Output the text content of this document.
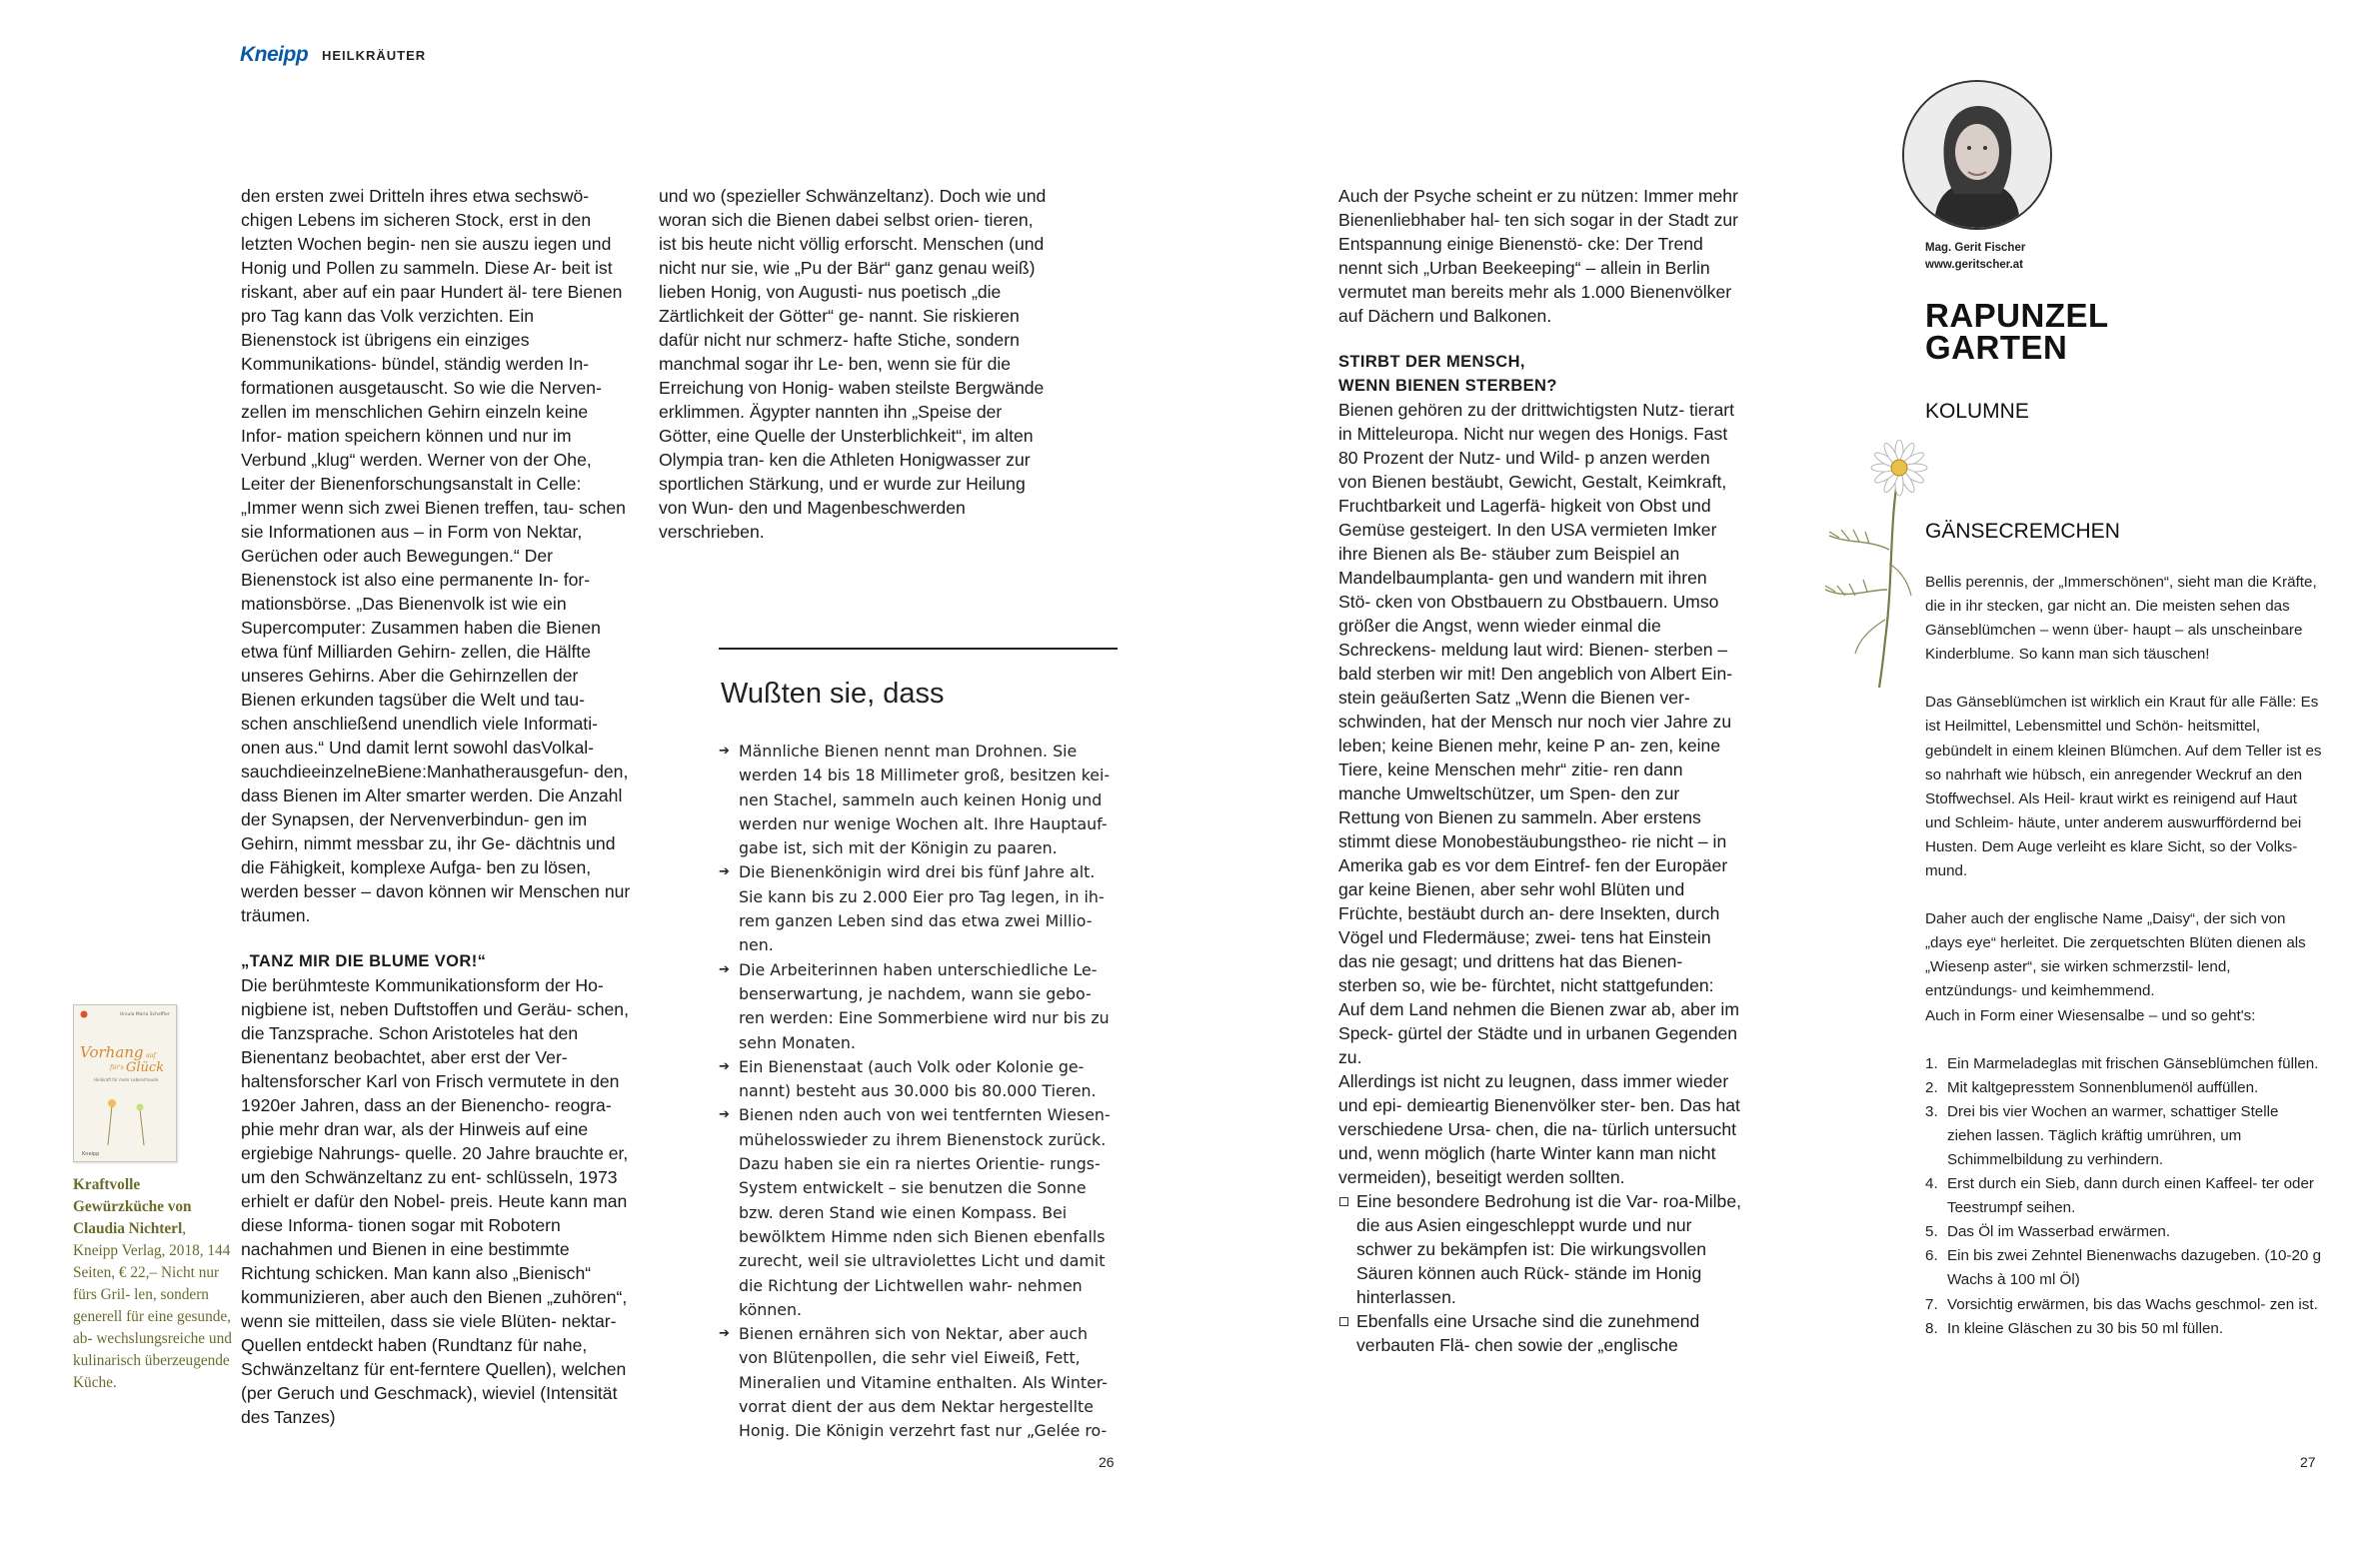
Kneipp HEILKRÄUTER

den ersten zwei Dritteln ihres etwa sechswö- chigen Lebens im sicheren Stock, erst in den letzten Wochen begin- nen sie auszu iegen und Honig und Pollen zu sammeln. Diese Ar- beit ist riskant, aber auf ein paar Hundert äl- tere Bienen pro Tag kann das Volk verzichten. Ein Bienenstock ist übrigens ein einziges Kommunikations- bündel, ständig werden In- formationen ausgetauscht. So wie die Nerven- zellen im menschlichen Gehirn einzeln keine Infor- mation speichern können und nur im Verbund „klug“ werden. Werner von der Ohe, Leiter der Bienenforschungsanstalt in Celle: „Immer wenn sich zwei Bienen treffen, tau- schen sie Informationen aus – in Form von Nektar, Gerüchen oder auch Bewegungen.“ Der Bienenstock ist also eine permanente In- for- mationsbörse. „Das Bienenvolk ist wie ein Supercomputer: Zusammen haben die Bienen etwa fünf Milliarden Gehirn- zellen, die Hälfte unseres Gehirns. Aber die Gehirnzellen der Bienen erkunden tagsüber die Welt und tau- schen anschließend unendlich viele Informati- onen aus.“ Und damit lernt sowohl dasVolkal- sauchdieeinzelneBiene:Manhatherausgefun- den, dass Bienen im Alter smarter werden. Die Anzahl der Synapsen, der Nervenverbindun- gen im Gehirn, nimmt messbar zu, ihr Ge- dächtnis und die Fähigkeit, komplexe Aufga- ben zu lösen, werden besser – davon können wir Menschen nur träumen.

„TANZ MIR DIE BLUME VOR!“

Die berühmteste Kommunikationsform der Ho- nigbiene ist, neben Duftstoffen und Geräu- schen, die Tanzsprache. Schon Aristoteles hat den Bienentanz beobachtet, aber erst der Ver- haltensforscher Karl von Frisch vermutete in den 1920er Jahren, dass an der Bienencho- reogra- phie mehr dran war, als der Hinweis auf eine ergiebige Nahrungs- quelle. 20 Jahre brauchte er, um den Schwänzeltanz zu ent- schlüsseln, 1973 erhielt er dafür den Nobel- preis. Heute kann man diese Informa- tionen sogar mit Robotern nachahmen und Bienen in eine bestimmte Richtung schicken. Man kann also „Bienisch“ kommunizieren, aber auch den Bienen „zuhören“, wenn sie mitteilen, dass sie viele Blüten- nektar-Quellen entdeckt haben (Rundtanz für nahe, Schwänzeltanz für ent-ferntere Quellen), welchen (per Geruch und Geschmack), wieviel (Intensität des Tanzes)

und wo (spezieller Schwänzeltanz). Doch wie und woran sich die Bienen dabei selbst orien- tieren, ist bis heute nicht völlig erforscht. Menschen (und nicht nur sie, wie „Pu der Bär“ ganz genau weiß) lieben Honig, von Augusti- nus poetisch „die Zärtlichkeit der Götter“ ge- nannt. Sie riskieren dafür nicht nur schmerz- hafte Stiche, sondern manchmal sogar ihr Le- ben, wenn sie für die Erreichung von Honig- waben steilste Bergwände erklimmen. Ägypter nannten ihn „Speise der Götter, eine Quelle der Unsterblichkeit“, im alten Olympia tran- ken die Athleten Honigwasser zur sportlichen Stärkung, und er wurde zur Heilung von Wun- den und Magenbeschwerden verschrieben.

Wußten sie, dass
➔ Männliche Bienen nennt man Drohnen. Sie werden 14 bis 18 Millimeter groß, besitzen kei- nen Stachel, sammeln auch keinen Honig und werden nur wenige Wochen alt. Ihre Hauptauf- gabe ist, sich mit der Königin zu paaren.
➔ Die Bienenkönigin wird drei bis fünf Jahre alt. Sie kann bis zu 2.000 Eier pro Tag legen, in ih- rem ganzen Leben sind das etwa zwei Millio- nen.
➔ Die Arbeiterinnen haben unterschiedliche Le- benserwartung, je nachdem, wann sie gebo- ren werden: Eine Sommerbiene wird nur bis zu sehn Monaten.
➔ Ein Bienenstaat (auch Volk oder Kolonie ge- nannt) besteht aus 30.000 bis 80.000 Tieren.
➔ Bienen nden auch von wei tentfernten Wiesen- mühelosswieder zu ihrem Bienenstock zurück. Dazu haben sie ein ra niertes Orientie- rungs-System entwickelt – sie benutzen die Sonne bzw. deren Stand wie einen Kompass. Bei bewölktem Himme nden sich Bienen ebenfalls zurecht, weil sie ultraviolettes Licht und damit die Richtung der Lichtwellen wahr- nehmen können.
➔ Bienen ernähren sich von Nektar, aber auch von Blütenpollen, die sehr viel Eiweiß, Fett, Mineralien und Vitamine enthalten. Als Winter- vorrat dient der aus dem Nektar hergestellte Honig. Die Königin verzehrt fast nur „Gelée ro-
Ursula Maria Scheffler
Vorhang auf
für's Glück
Heilkraft für mehr Lebensfreude
Kneipp
Kraftvolle Gewürzküche von Claudia Nichterl, Kneipp Verlag, 2018, 144 Seiten, € 22,– Nicht nur fürs Gril- len, sondern generell für eine gesunde, ab- wechslungsreiche und kulinarisch überzeugende Küche.

Auch der Psyche scheint er zu nützen: Immer mehr Bienenliebhaber hal- ten sich sogar in der Stadt zur Entspannung einige Bienenstö- cke: Der Trend nennt sich „Urban Beekeeping“ – allein in Berlin vermutet man bereits mehr als 1.000 Bienenvölker auf Dächern und Balkonen.

STIRBT DER MENSCH,
WENN BIENEN STERBEN?

Bienen gehören zu der drittwichtigsten Nutz- tierart in Mitteleuropa. Nicht nur wegen des Honigs. Fast 80 Prozent der Nutz- und Wild- p anzen werden von Bienen bestäubt, Gewicht, Gestalt, Keimkraft, Fruchtbarkeit und Lagerfä- higkeit von Obst und Gemüse gesteigert. In den USA vermieten Imker ihre Bienen als Be- stäuber zum Beispiel an Mandelbaumplanta- gen und wandern mit ihren Stö- cken von Obstbauern zu Obstbauern. Umso größer die Angst, wenn wieder einmal die Schreckens- meldung laut wird: Bienen- sterben – bald sterben wir mit! Den angeblich von Albert Ein- stein geäußerten Satz „Wenn die Bienen ver- schwinden, hat der Mensch nur noch vier Jahre zu leben; keine Bienen mehr, keine P an- zen, keine Tiere, keine Menschen mehr“ zitie- ren dann manche Umweltschützer, um Spen- den zur Rettung von Bienen zu sammeln. Aber erstens stimmt diese Monobestäubungstheo- rie nicht – in Amerika gab es vor dem Eintref- fen der Europäer gar keine Bienen, aber sehr wohl Blüten und Früchte, bestäubt durch an- dere Insekten, durch Vögel und Fledermäuse; zwei- tens hat Einstein das nie gesagt; und drittens hat das Bienen- sterben so, wie be- fürchtet, nicht stattgefunden: Auf dem Land nehmen die Bienen zwar ab, aber im Speck- gürtel der Städte und in urbanen Gegenden zu.

Allerdings ist nicht zu leugnen, dass immer wieder und epi- demieartig Bienenvölker ster- ben. Das hat verschiedene Ursa- chen, die na- türlich untersucht und, wenn möglich (harte Winter kann man nicht vermeiden), beseitigt werden sollten.

Eine besondere Bedrohung ist die Var- roa-Milbe, die aus Asien eingeschleppt wurde und nur schwer zu bekämpfen ist: Die wirkungsvollen Säuren können auch Rück- stände im Honig hinterlassen.
Ebenfalls eine Ursache sind die zunehmend verbauten Flä- chen sowie der „englische
Mag. Gerit Fischer
www.geritscher.at
RAPUNZEL
GARTEN
KOLUMNE
GÄNSECREMCHEN

Bellis perennis, der „Immerschönen“, sieht man die Kräfte, die in ihr stecken, gar nicht an. Die meisten sehen das Gänseblümchen – wenn über- haupt – als unscheinbare Kinderblume. So kann man sich täuschen!

Das Gänseblümchen ist wirklich ein Kraut für alle Fälle: Es ist Heilmittel, Lebensmittel und Schön- heitsmittel, gebündelt in einem kleinen Blümchen. Auf dem Teller ist es so nahrhaft wie hübsch, ein anregender Weckruf an den Stoffwechsel. Als Heil- kraut wirkt es reinigend auf Haut und Schleim- häute, unter anderem auswurffördernd bei Husten. Dem Auge verleiht es klare Sicht, so der Volks- mund.

Daher auch der englische Name „Daisy“, der sich von „days eye“ herleitet. Die zerquetschten Blüten dienen als „Wiesenp aster“, sie wirken schmerzstil- lend, entzündungs- und keimhemmend.

Auch in Form einer Wiesensalbe – und so geht's:

1. Ein Marmeladeglas mit frischen Gänseblümchen füllen.
2. Mit kaltgepresstem Sonnenblumenöl auffüllen.
3. Drei bis vier Wochen an warmer, schattiger Stelle ziehen lassen. Täglich kräftig umrühren, um Schimmelbildung zu verhindern.
4. Erst durch ein Sieb, dann durch einen Kaffeel- ter oder Teestrumpf seihen.
5. Das Öl im Wasserbad erwärmen.
6. Ein bis zwei Zehntel Bienenwachs dazugeben. (10-20 g Wachs à 100 ml Öl)
7. Vorsichtig erwärmen, bis das Wachs geschmol- zen ist.
8. In kleine Gläschen zu 30 bis 50 ml füllen.
26	27
